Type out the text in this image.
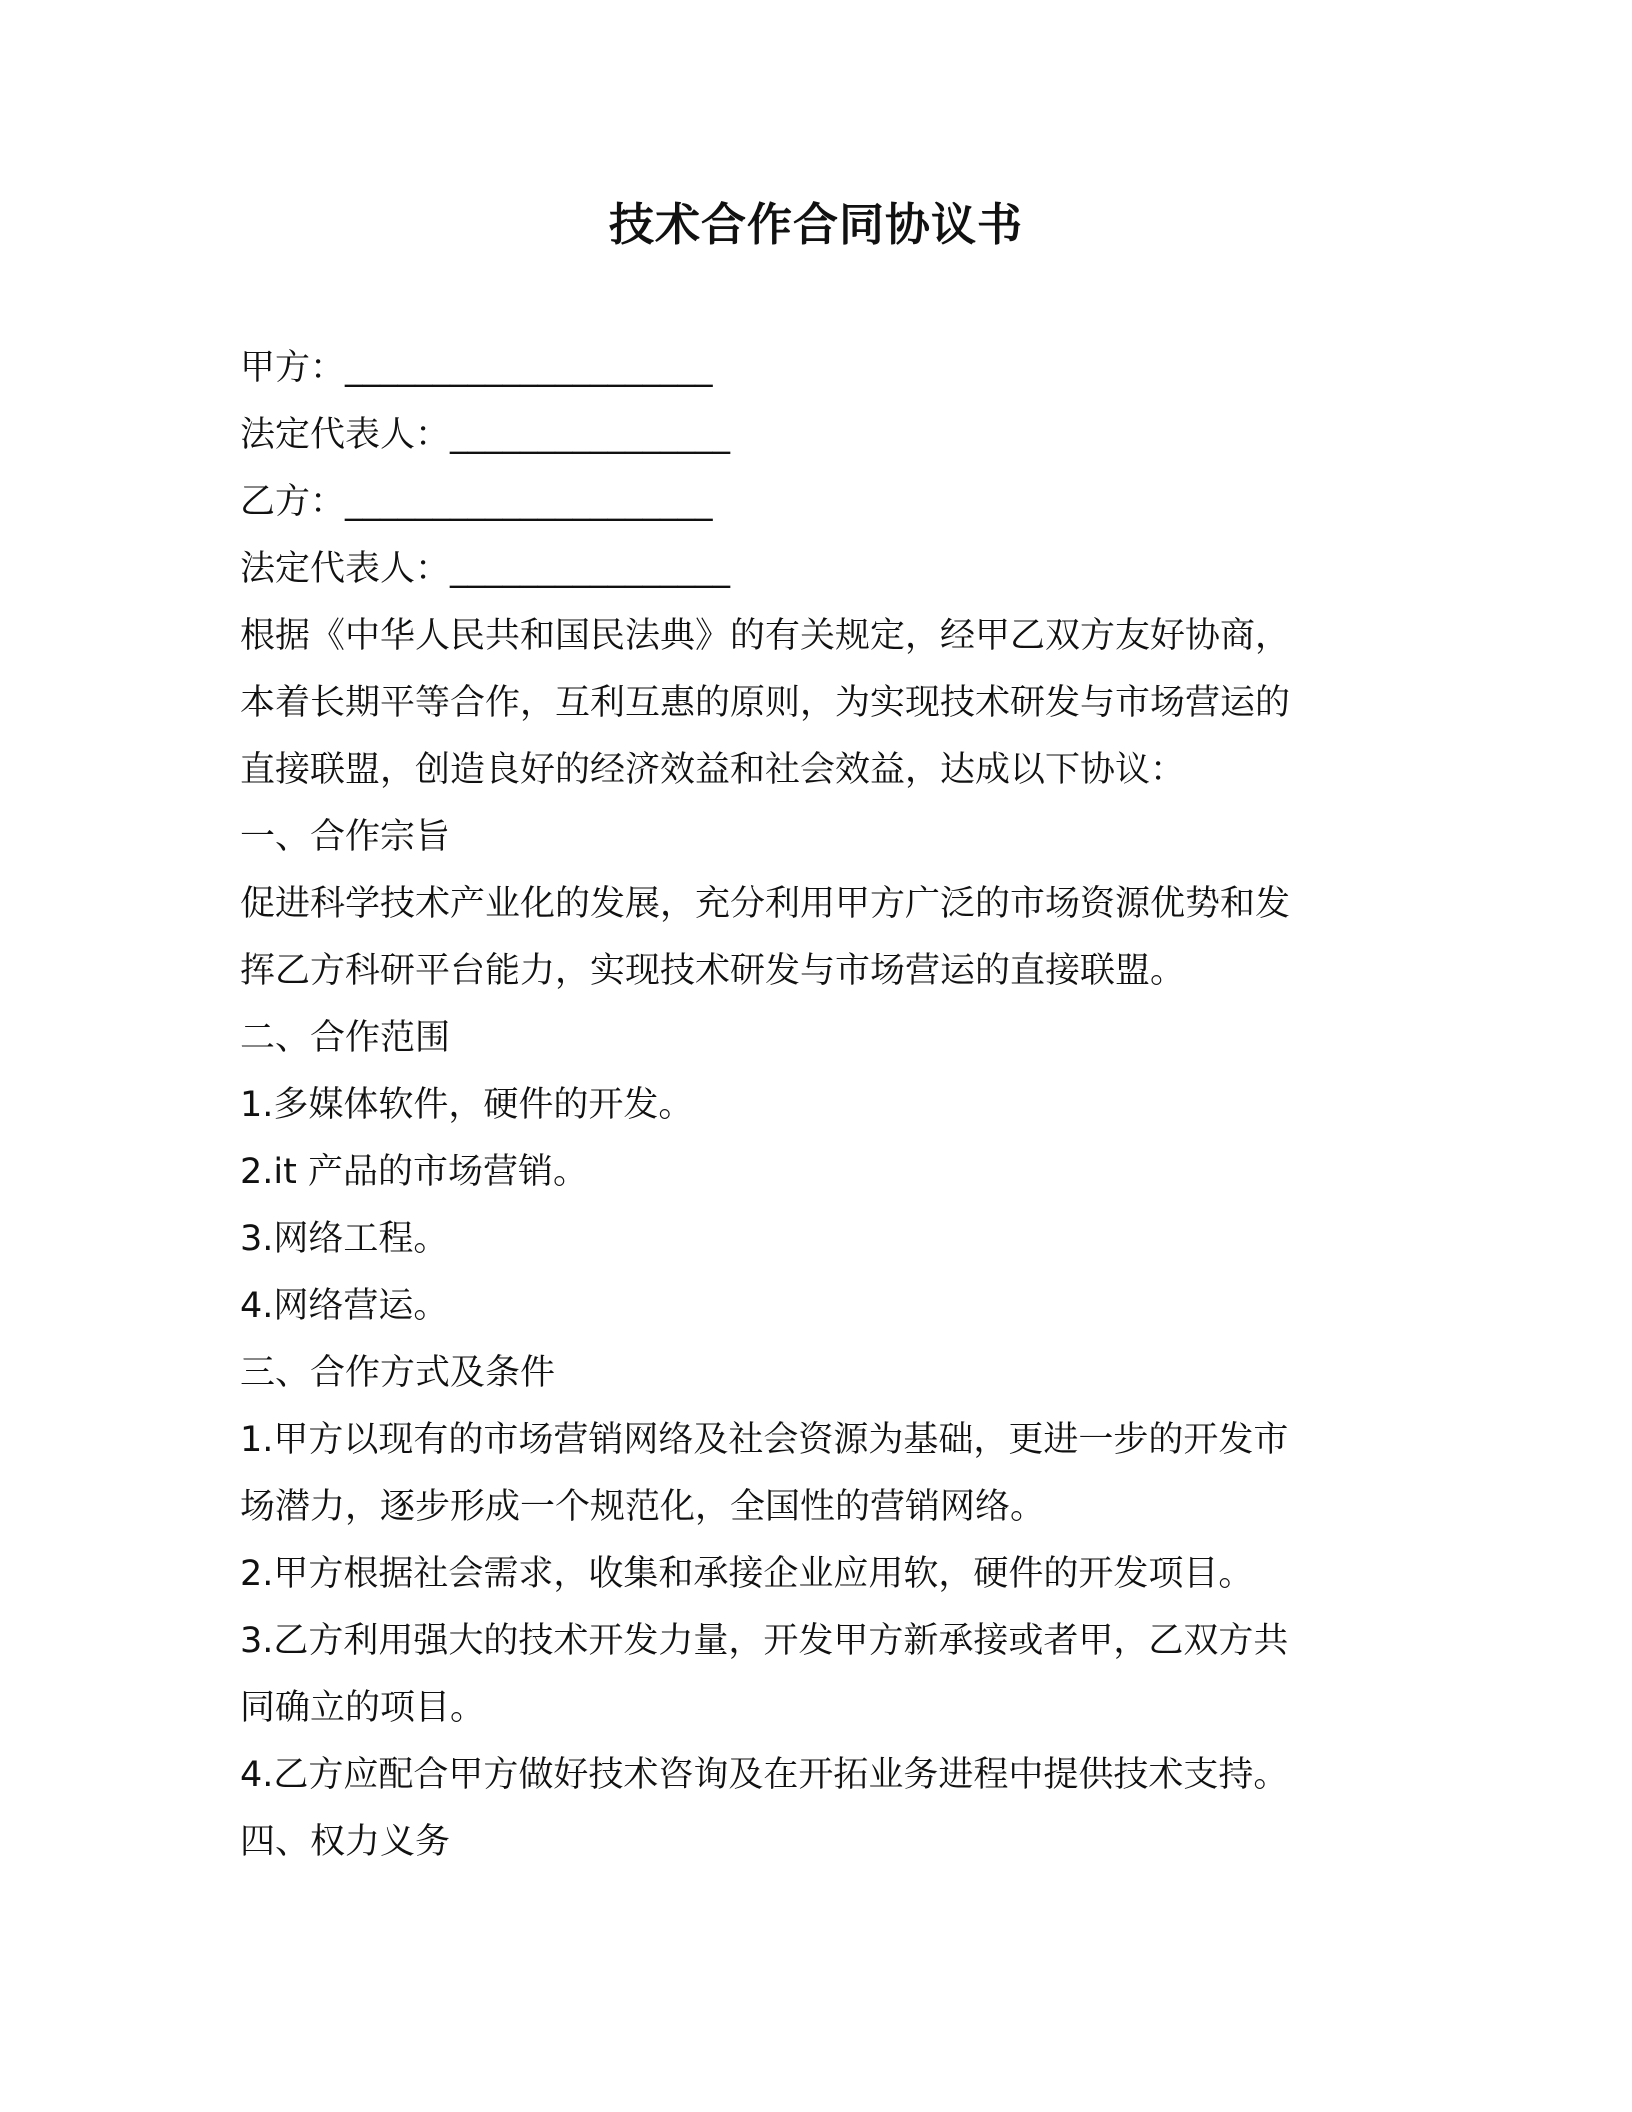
技术合作合同协议书

甲方：_____________________

法定代表人：________________

乙方：_____________________

法定代表人：________________

根据《中华人民共和国民法典》的有关规定，经甲乙双方友好协商，

本着长期平等合作，互利互惠的原则，为实现技术研发与市场营运的

直接联盟，创造良好的经济效益和社会效益，达成以下协议：

一、合作宗旨

促进科学技术产业化的发展，充分利用甲方广泛的市场资源优势和发

挥乙方科研平台能力，实现技术研发与市场营运的直接联盟。

二、合作范围

1.多媒体软件，硬件的开发。

2.it 产品的市场营销。

3.网络工程。

4.网络营运。

三、合作方式及条件

1.甲方以现有的市场营销网络及社会资源为基础，更进一步的开发市

场潜力，逐步形成一个规范化，全国性的营销网络。

2.甲方根据社会需求，收集和承接企业应用软，硬件的开发项目。

3.乙方利用强大的技术开发力量，开发甲方新承接或者甲，乙双方共

同确立的项目。

4.乙方应配合甲方做好技术咨询及在开拓业务进程中提供技术支持。

四、权力义务
